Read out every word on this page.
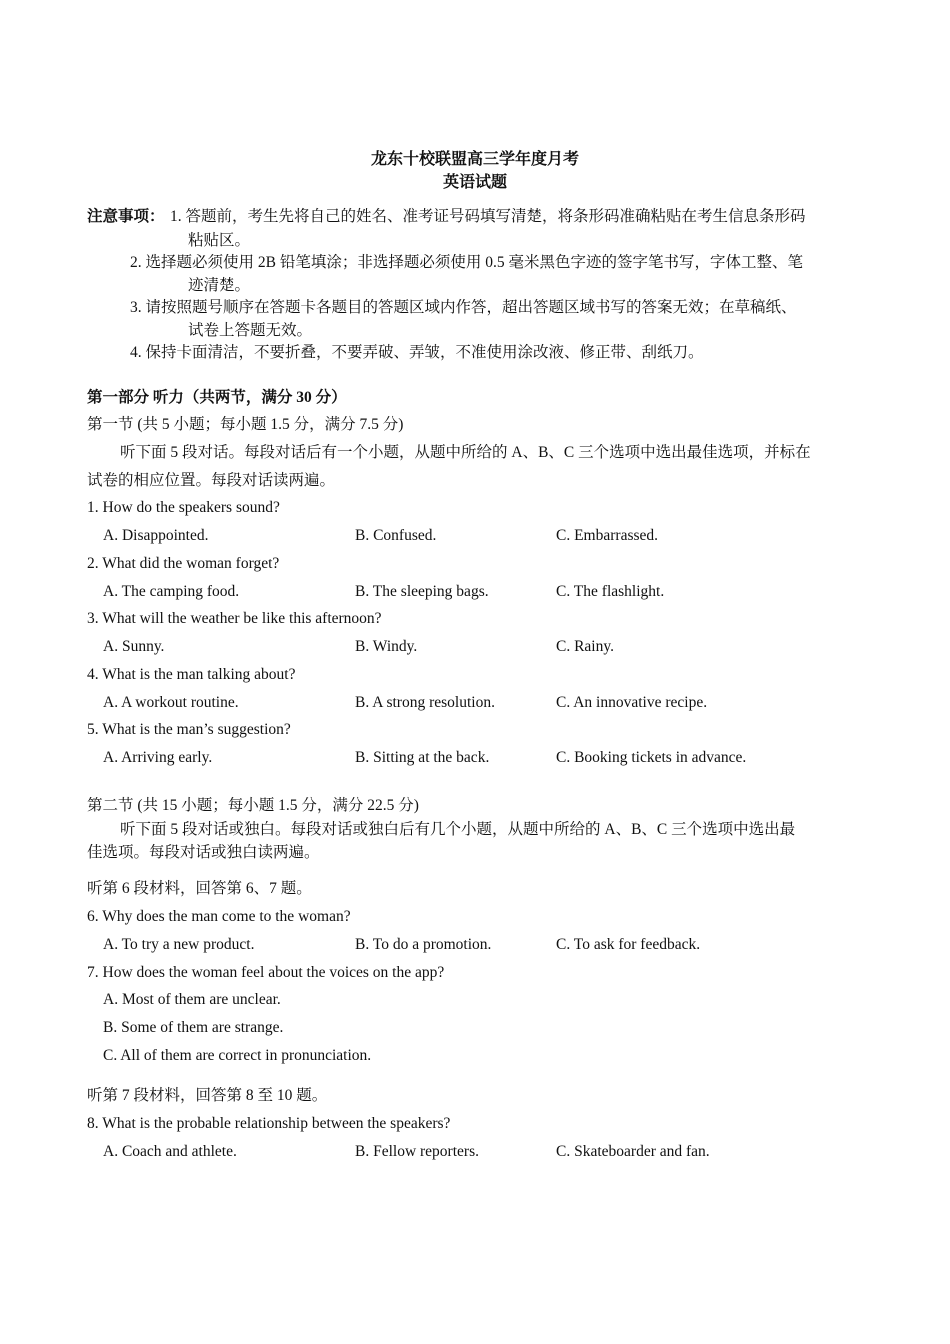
龙东十校联盟高三学年度月考
英语试题
注意事项： 1. 答题前，考生先将自己的姓名、准考证号码填写清楚，将条形码准确粘贴在考生信息条形码
粘贴区。
2. 选择题必须使用 2B 铅笔填涂；非选择题必须使用 0.5 毫米黑色字迹的签字笔书写，字体工整、笔
迹清楚。
3. 请按照题号顺序在答题卡各题目的答题区域内作答，超出答题区域书写的答案无效；在草稿纸、
试卷上答题无效。
4. 保持卡面清洁，不要折叠，不要弄破、弄皱，不准使用涂改液、修正带、刮纸刀。
第一部分 听力（共两节，满分 30 分）
第一节 (共 5 小题；每小题 1.5 分，满分 7.5 分)
听下面 5 段对话。每段对话后有一个小题，从题中所给的 A、B、C 三个选项中选出最佳选项，并标在
试卷的相应位置。每段对话读两遍。
1. How do the speakers sound?
A. Disappointed.	B. Confused.	C. Embarrassed.
2. What did the woman forget?
A. The camping food.	B. The sleeping bags.	C. The flashlight.
3. What will the weather be like this afternoon?
A. Sunny.	B. Windy.	C. Rainy.
4. What is the man talking about?
A. A workout routine.	B. A strong resolution.	C. An innovative recipe.
5. What is the man’s suggestion?
A. Arriving early.	B. Sitting at the back.	C. Booking tickets in advance.
第二节 (共 15 小题；每小题 1.5 分，满分 22.5 分)
听下面 5 段对话或独白。每段对话或独白后有几个小题，从题中所给的 A、B、C 三个选项中选出最
佳选项。每段对话或独白读两遍。
听第 6 段材料，回答第 6、7 题。
6. Why does the man come to the woman?
A. To try a new product.	B. To do a promotion.	C. To ask for feedback.
7. How does the woman feel about the voices on the app?
A. Most of them are unclear.
B. Some of them are strange.
C. All of them are correct in pronunciation.
听第 7 段材料，回答第 8 至 10 题。
8. What is the probable relationship between the speakers?
A. Coach and athlete.	B. Fellow reporters.	C. Skateboarder and fan.
